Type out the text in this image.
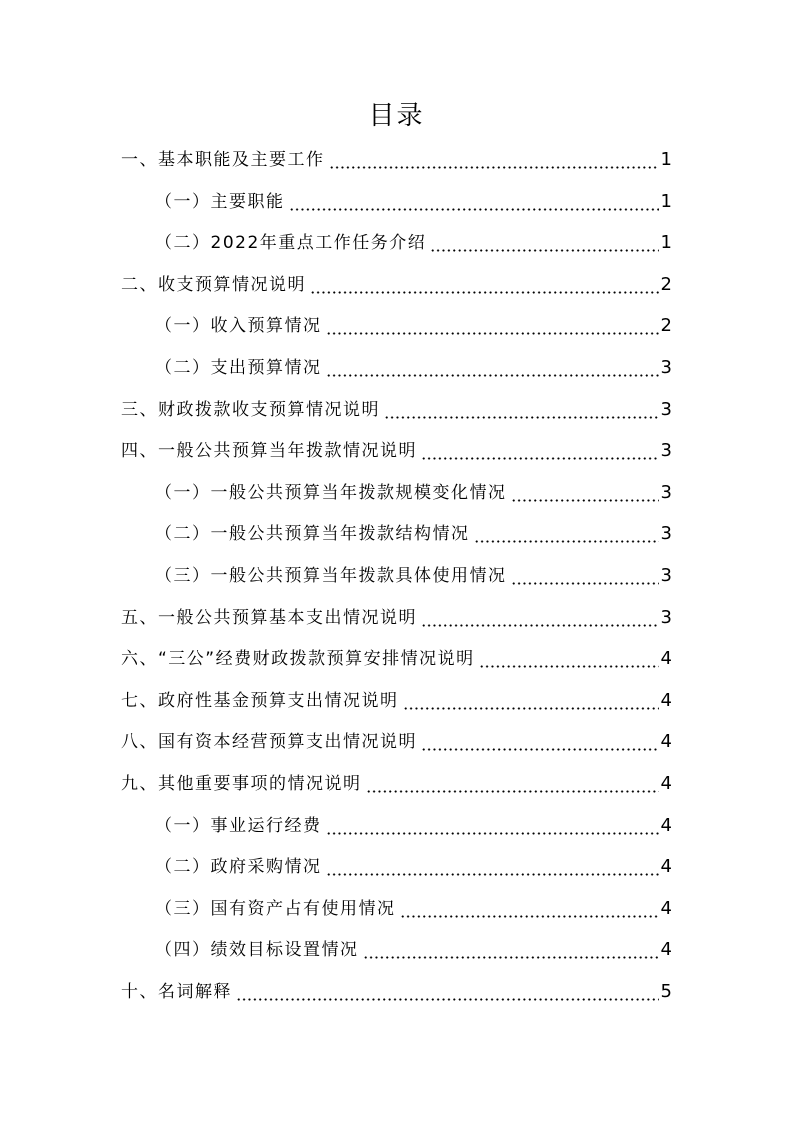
目录
一、基本职能及主要工作	1
（一）主要职能	1
（二）2022年重点工作任务介绍	1
二、收支预算情况说明	2
（一）收入预算情况	2
（二）支出预算情况	3
三、财政拨款收支预算情况说明	3
四、一般公共预算当年拨款情况说明	3
（一）一般公共预算当年拨款规模变化情况	3
（二）一般公共预算当年拨款结构情况	3
（三）一般公共预算当年拨款具体使用情况	3
五、一般公共预算基本支出情况说明	3
六、“三公”经费财政拨款预算安排情况说明	4
七、政府性基金预算支出情况说明	4
八、国有资本经营预算支出情况说明	4
九、其他重要事项的情况说明	4
（一）事业运行经费	4
（二）政府采购情况	4
（三）国有资产占有使用情况	4
（四）绩效目标设置情况	4
十、名词解释	5
